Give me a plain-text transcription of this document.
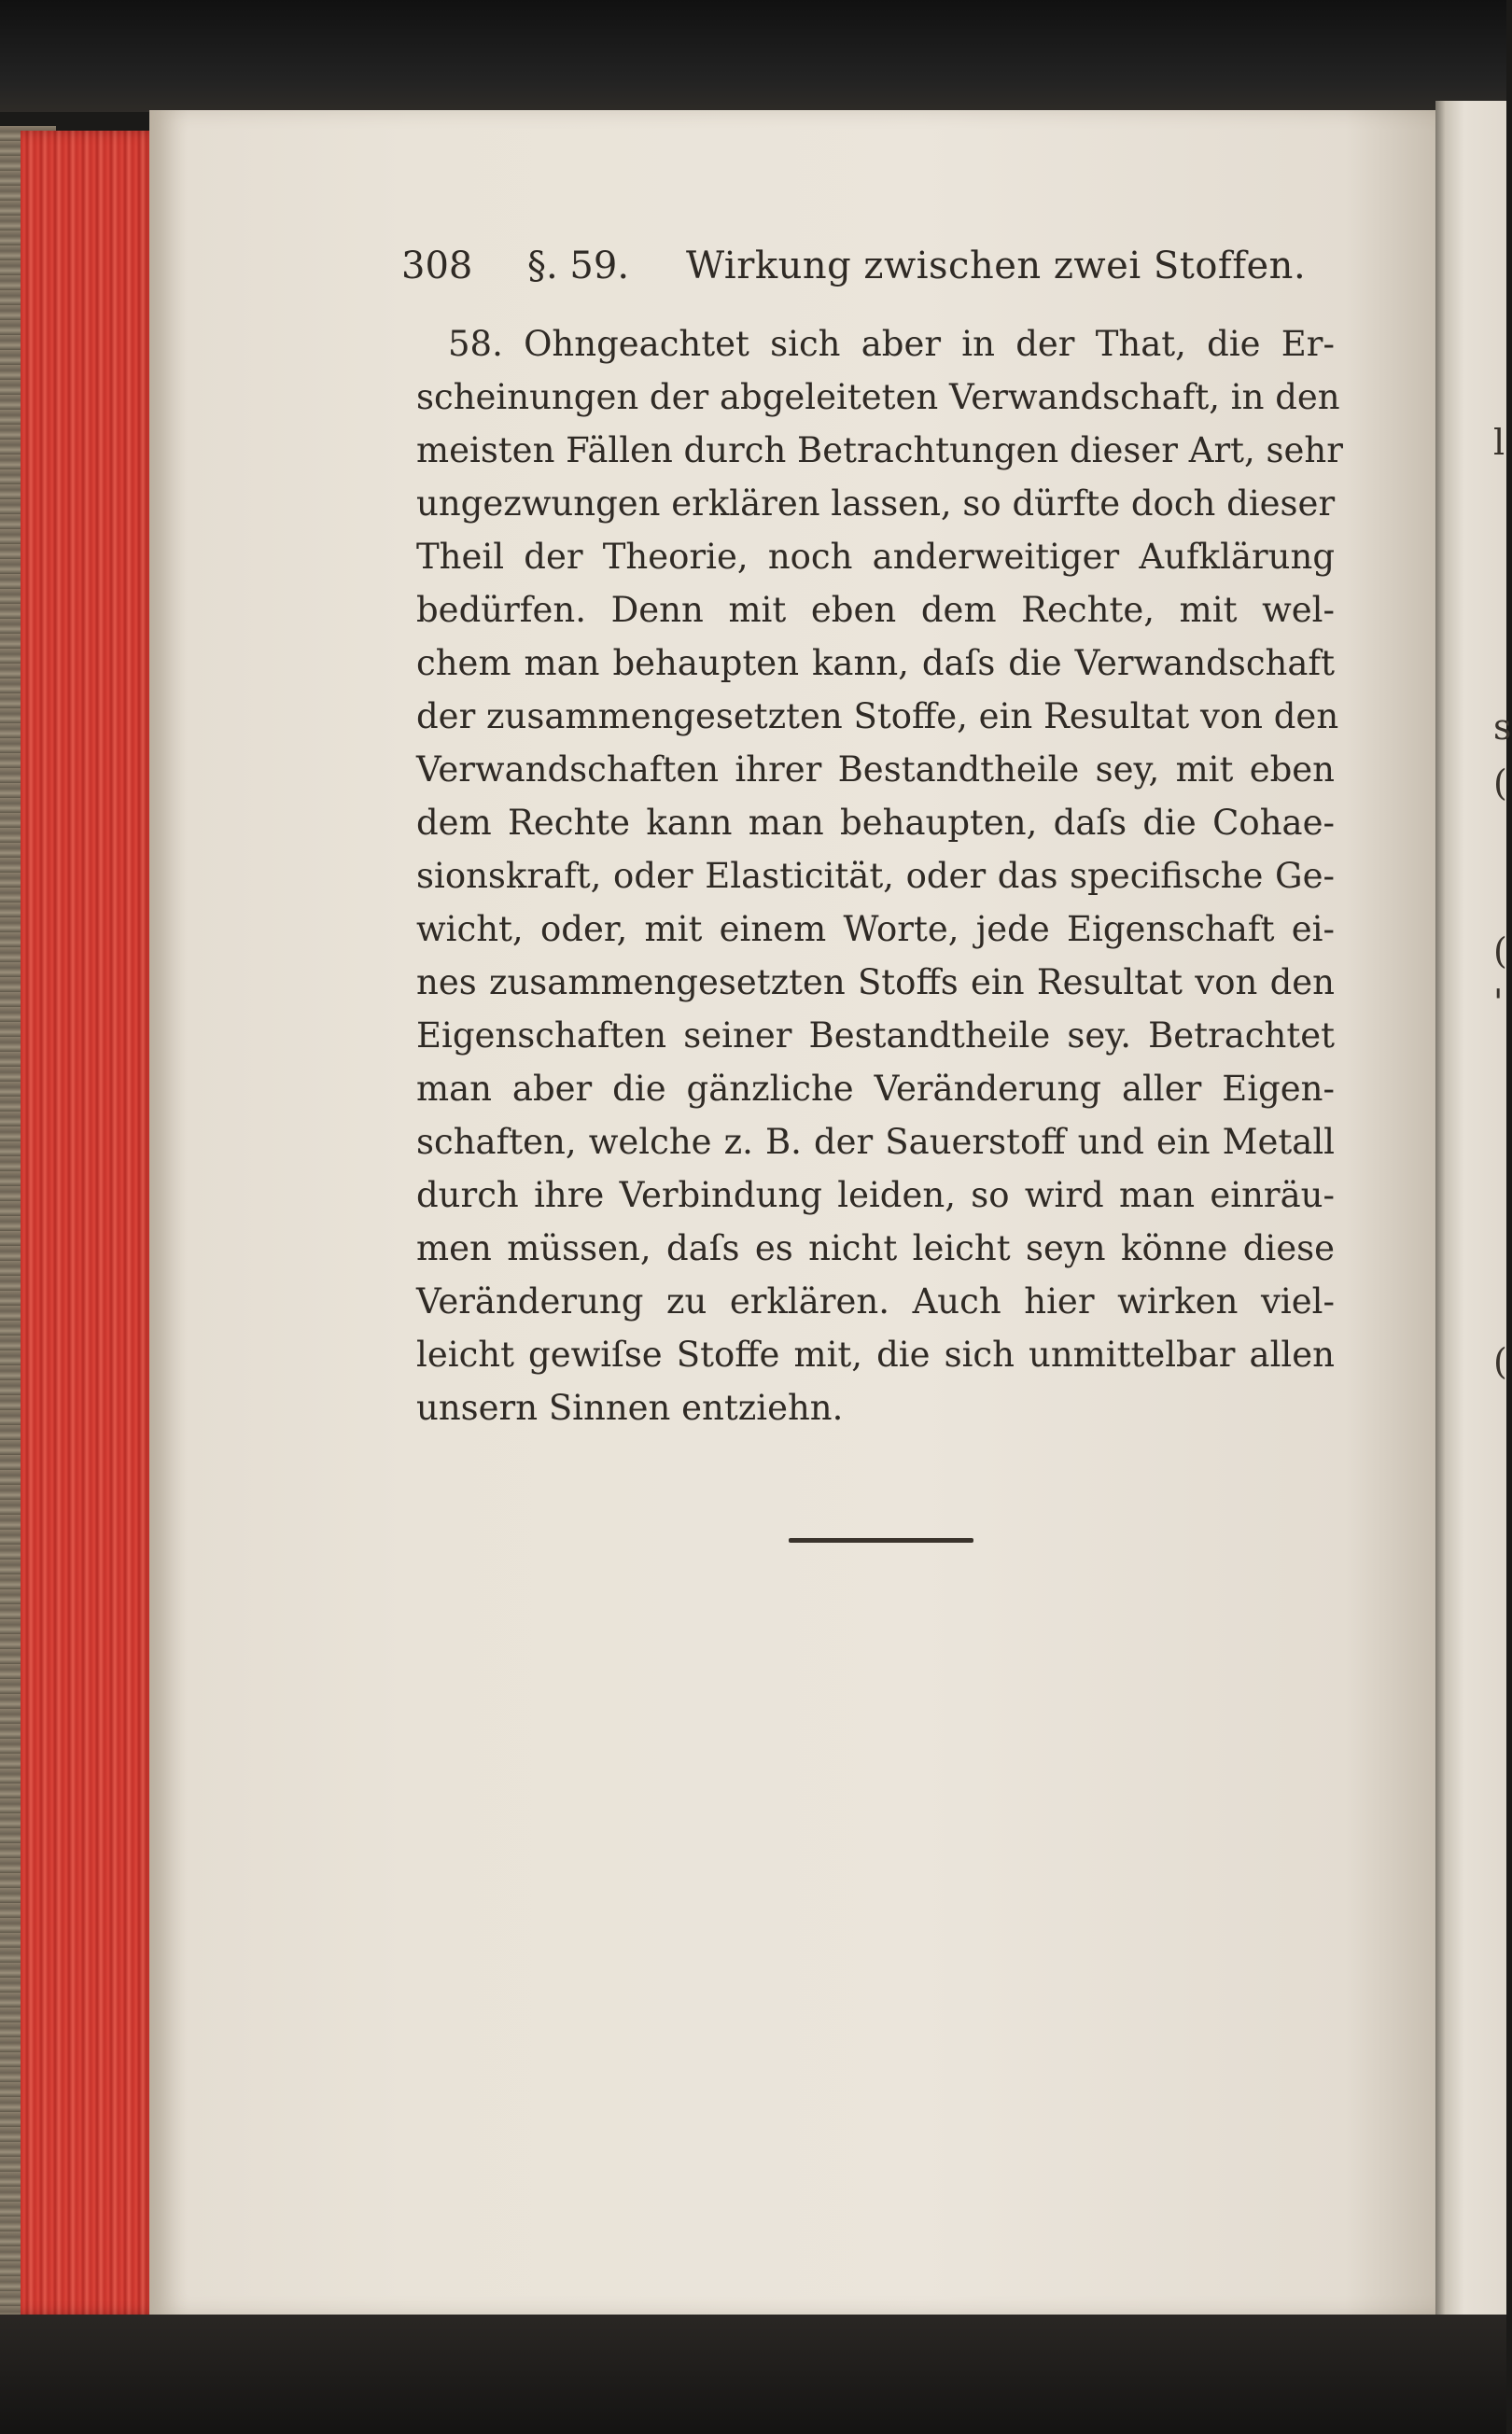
l
s
(
(
'
(
308 §. 59. Wirkung zwischen zwei Stoffen.
58. Ohngeachtet sich aber in der That, die Er-
scheinungen der abgeleiteten Verwandschaft, in den
meisten Fällen durch Betrachtungen dieser Art, sehr
ungezwungen erklären lassen, so dürfte doch dieser
Theil der Theorie, noch anderweitiger Aufklärung
bedürfen. Denn mit eben dem Rechte, mit wel-
chem man behaupten kann, daſs die Verwandschaft
der zusammengesetzten Stoffe, ein Resultat von den
Verwandschaften ihrer Bestandtheile sey, mit eben
dem Rechte kann man behaupten, daſs die Cohae-
sionskraft, oder Elasticität, oder das specifische Ge-
wicht, oder, mit einem Worte, jede Eigenschaft ei-
nes zusammengesetzten Stoffs ein Resultat von den
Eigenschaften seiner Bestandtheile sey. Betrachtet
man aber die gänzliche Veränderung aller Eigen-
schaften, welche z. B. der Sauerstoff und ein Metall
durch ihre Verbindung leiden, so wird man einräu-
men müssen, daſs es nicht leicht seyn könne diese
Veränderung zu erklären. Auch hier wirken viel-
leicht gewiſse Stoffe mit, die sich unmittelbar allen
unsern Sinnen entziehn.
